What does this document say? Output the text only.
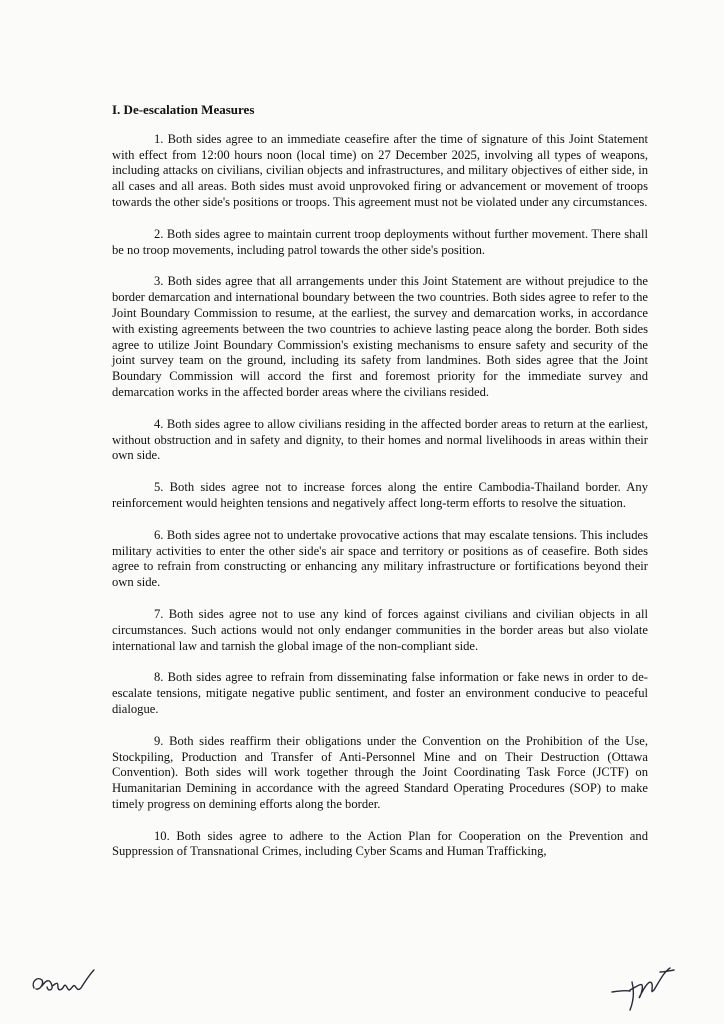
I. De-escalation Measures

1. Both sides agree to an immediate ceasefire after the time of signature of this Joint Statement with effect from 12:00 hours noon (local time) on 27 December 2025, involving all types of weapons, including attacks on civilians, civilian objects and infrastructures, and military objectives of either side, in all cases and all areas. Both sides must avoid unprovoked firing or advancement or movement of troops towards the other side's positions or troops. This agreement must not be violated under any circumstances.

2. Both sides agree to maintain current troop deployments without further movement. There shall be no troop movements, including patrol towards the other side's position.

3. Both sides agree that all arrangements under this Joint Statement are without prejudice to the border demarcation and international boundary between the two countries. Both sides agree to refer to the Joint Boundary Commission to resume, at the earliest, the survey and demarcation works, in accordance with existing agreements between the two countries to achieve lasting peace along the border. Both sides agree to utilize Joint Boundary Commission's existing mechanisms to ensure safety and security of the joint survey team on the ground, including its safety from landmines. Both sides agree that the Joint Boundary Commission will accord the first and foremost priority for the immediate survey and demarcation works in the affected border areas where the civilians resided.

4. Both sides agree to allow civilians residing in the affected border areas to return at the earliest, without obstruction and in safety and dignity, to their homes and normal livelihoods in areas within their own side.

5. Both sides agree not to increase forces along the entire Cambodia-Thailand border. Any reinforcement would heighten tensions and negatively affect long-term efforts to resolve the situation.

6. Both sides agree not to undertake provocative actions that may escalate tensions. This includes military activities to enter the other side's air space and territory or positions as of ceasefire. Both sides agree to refrain from constructing or enhancing any military infrastructure or fortifications beyond their own side.

7. Both sides agree not to use any kind of forces against civilians and civilian objects in all circumstances. Such actions would not only endanger communities in the border areas but also violate international law and tarnish the global image of the non-compliant side.

8. Both sides agree to refrain from disseminating false information or fake news in order to de-escalate tensions, mitigate negative public sentiment, and foster an environment conducive to peaceful dialogue.

9. Both sides reaffirm their obligations under the Convention on the Prohibition of the Use, Stockpiling, Production and Transfer of Anti-Personnel Mine and on Their Destruction (Ottawa Convention). Both sides will work together through the Joint Coordinating Task Force (JCTF) on Humanitarian Demining in accordance with the agreed Standard Operating Procedures (SOP) to make timely progress on demining efforts along the border.

10. Both sides agree to adhere to the Action Plan for Cooperation on the Prevention and Suppression of Transnational Crimes, including Cyber Scams and Human Trafficking,
